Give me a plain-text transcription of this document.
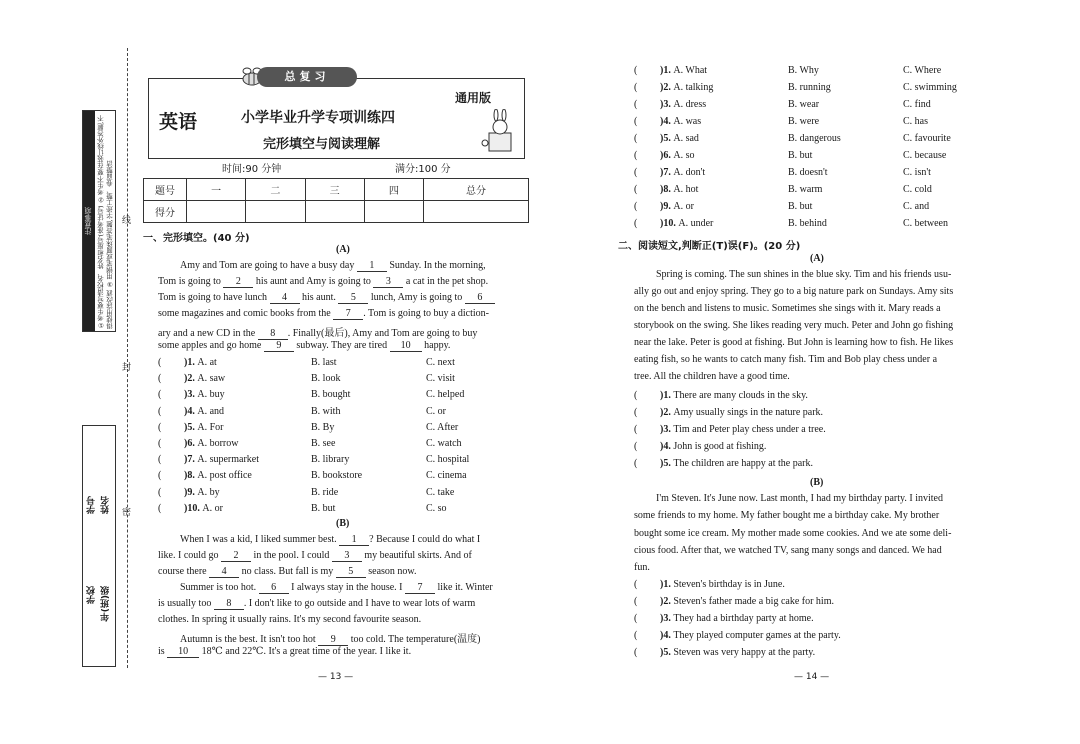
线
封
密
注意事项 ①考生要写清校名、姓名和座号(准考证号) ②考生不要在装订线外答题,不得使用涂改液 ③用钢笔或圆珠笔答题,字迹工整、卷面整洁
学校 年(班)级
学号 姓名
总复习
英语	小学毕业升学专项训练四
完形填空与阅读理解
通用版
时间:90 分钟	满分:100 分
题号	一	二	三	四	总分
得分					
一、完形填空。(40 分)
(A)
Amy and Tom are going to have a busy day 1 Sunday. In the morning,
Tom is going to 2 his aunt and Amy is going to 3 a cat in the pet shop.
Tom is going to have lunch 4 his aunt. 5 lunch, Amy is going to 6
some magazines and comic books from the 7 . Tom is going to buy a diction-
ary and a new CD in the 8 . Finally(最后), Amy and Tom are going to buy
some apples and go home 9 subway. They are tired 10 happy.
( )1. A. at	B. last	C. next
( )2. A. saw	B. look	C. visit
( )3. A. buy	B. bought	C. helped
( )4. A. and	B. with	C. or
( )5. A. For	B. By	C. After
( )6. A. borrow	B. see	C. watch
( )7. A. supermarket	B. library	C. hospital
( )8. A. post office	B. bookstore	C. cinema
( )9. A. by	B. ride	C. take
( )10. A. or	B. but	C. so
(B)
When I was a kid, I liked summer best. 1 ? Because I could do what I
like. I could go 2 in the pool. I could 3 my beautiful skirts. And of
course there 4 no class. But fall is my 5 season now.
Summer is too hot. 6 I always stay in the house. I 7 like it. Winter
is usually too 8 . I don't like to go outside and I have to wear lots of warm
clothes. In spring it usually rains. It's my second favourite season.
Autumn is the best. It isn't too hot 9 too cold. The temperature(温度)
is 10 18℃ and 22℃. It's a great time of the year. I like it.
— 13 —
( )1. A. What	B. Why	C. Where
( )2. A. talking	B. running	C. swimming
( )3. A. dress	B. wear	C. find
( )4. A. was	B. were	C. has
( )5. A. sad	B. dangerous	C. favourite
( )6. A. so	B. but	C. because
( )7. A. don't	B. doesn't	C. isn't
( )8. A. hot	B. warm	C. cold
( )9. A. or	B. but	C. and
( )10. A. under	B. behind	C. between
二、阅读短文,判断正(T)误(F)。(20 分)
(A)
Spring is coming. The sun shines in the blue sky. Tim and his friends usu-
ally go out and enjoy spring. They go to a big nature park on Sundays. Amy sits
on the bench and listens to music. Sometimes she sings with it. Mary reads a
storybook on the swing. She likes reading very much. Peter and John go fishing
near the lake. Peter is good at fishing. But John is learning how to fish. He likes
eating fish, so he wants to catch many fish. Tim and Bob play chess under a
tree. All the children have a good time.
( )1. There are many clouds in the sky.
( )2. Amy usually sings in the nature park.
( )3. Tim and Peter play chess under a tree.
( )4. John is good at fishing.
( )5. The children are happy at the park.
(B)
I'm Steven. It's June now. Last month, I had my birthday party. I invited
some friends to my home. My father bought me a birthday cake. My brother
bought some ice cream. My mother made some cookies. And we ate some deli-
cious food. After that, we watched TV, sang many songs and danced. We had
fun.
( )1. Steven's birthday is in June.
( )2. Steven's father made a big cake for him.
( )3. They had a birthday party at home.
( )4. They played computer games at the party.
( )5. Steven was very happy at the party.
— 14 —
